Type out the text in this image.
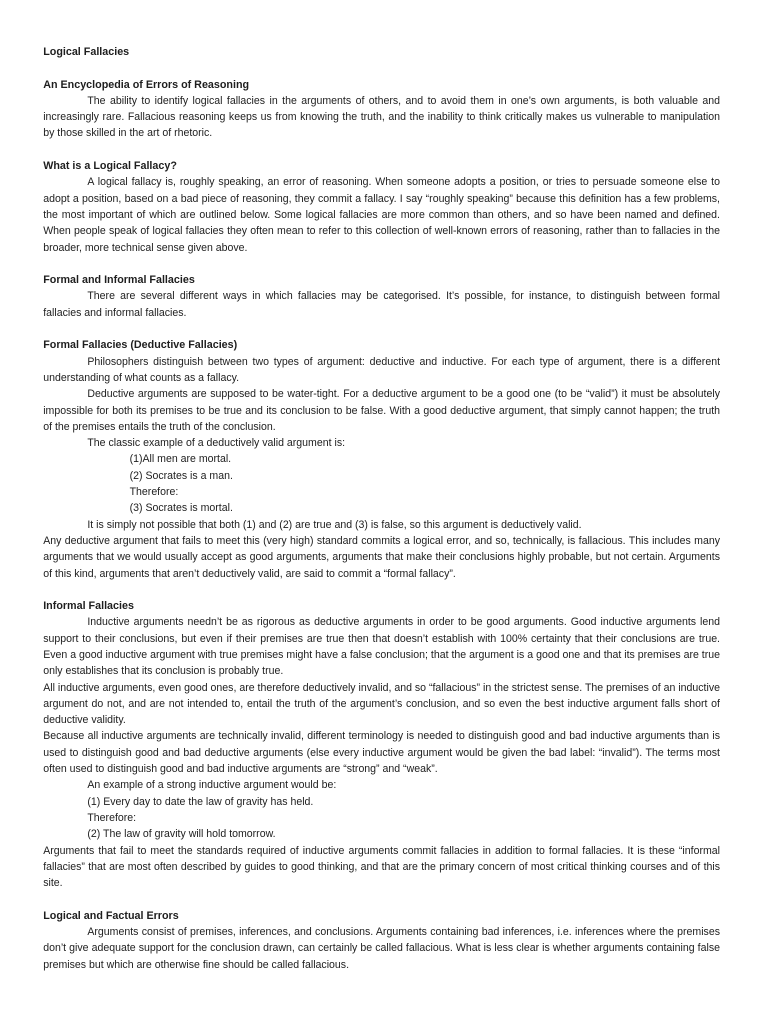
Logical Fallacies
An Encyclopedia of Errors of Reasoning

The ability to identify logical fallacies in the arguments of others, and to avoid them in one’s own arguments, is both valuable and increasingly rare. Fallacious reasoning keeps us from knowing the truth, and the inability to think critically makes us vulnerable to manipulation by those skilled in the art of rhetoric.

What is a Logical Fallacy?

A logical fallacy is, roughly speaking, an error of reasoning. When someone adopts a position, or tries to persuade someone else to adopt a position, based on a bad piece of reasoning, they commit a fallacy. I say “roughly speaking” because this definition has a few problems, the most important of which are outlined below. Some logical fallacies are more common than others, and so have been named and defined. When people speak of logical fallacies they often mean to refer to this collection of well-known errors of reasoning, rather than to fallacies in the broader, more technical sense given above.

Formal and Informal Fallacies

There are several different ways in which fallacies may be categorised. It’s possible, for instance, to distinguish between formal fallacies and informal fallacies.

Formal Fallacies (Deductive Fallacies)

Philosophers distinguish between two types of argument: deductive and inductive. For each type of argument, there is a different understanding of what counts as a fallacy.

Deductive arguments are supposed to be water-tight. For a deductive argument to be a good one (to be “valid”) it must be absolutely impossible for both its premises to be true and its conclusion to be false. With a good deductive argument, that simply cannot happen; the truth of the premises entails the truth of the conclusion.

The classic example of a deductively valid argument is:

(1)All men are mortal.
(2) Socrates is a man.
Therefore:
(3) Socrates is mortal.

It is simply not possible that both (1) and (2) are true and (3) is false, so this argument is deductively valid.

Any deductive argument that fails to meet this (very high) standard commits a logical error, and so, technically, is fallacious. This includes many arguments that we would usually accept as good arguments, arguments that make their conclusions highly probable, but not certain. Arguments of this kind, arguments that aren’t deductively valid, are said to commit a “formal fallacy”.

Informal Fallacies

Inductive arguments needn’t be as rigorous as deductive arguments in order to be good arguments. Good inductive arguments lend support to their conclusions, but even if their premises are true then that doesn’t establish with 100% certainty that their conclusions are true. Even a good inductive argument with true premises might have a false conclusion; that the argument is a good one and that its premises are true only establishes that its conclusion is probably true.

All inductive arguments, even good ones, are therefore deductively invalid, and so “fallacious” in the strictest sense. The premises of an inductive argument do not, and are not intended to, entail the truth of the argument’s conclusion, and so even the best inductive argument falls short of deductive validity.

Because all inductive arguments are technically invalid, different terminology is needed to distinguish good and bad inductive arguments than is used to distinguish good and bad deductive arguments (else every inductive argument would be given the bad label: “invalid”). The terms most often used to distinguish good and bad inductive arguments are “strong” and “weak”.

An example of a strong inductive argument would be:

(1) Every day to date the law of gravity has held.
Therefore:
(2) The law of gravity will hold tomorrow.

Arguments that fail to meet the standards required of inductive arguments commit fallacies in addition to formal fallacies. It is these “informal fallacies” that are most often described by guides to good thinking, and that are the primary concern of most critical thinking courses and of this site.

Logical and Factual Errors

Arguments consist of premises, inferences, and conclusions. Arguments containing bad inferences, i.e. inferences where the premises don’t give adequate support for the conclusion drawn, can certainly be called fallacious. What is less clear is whether arguments containing false premises but which are otherwise fine should be called fallacious.
